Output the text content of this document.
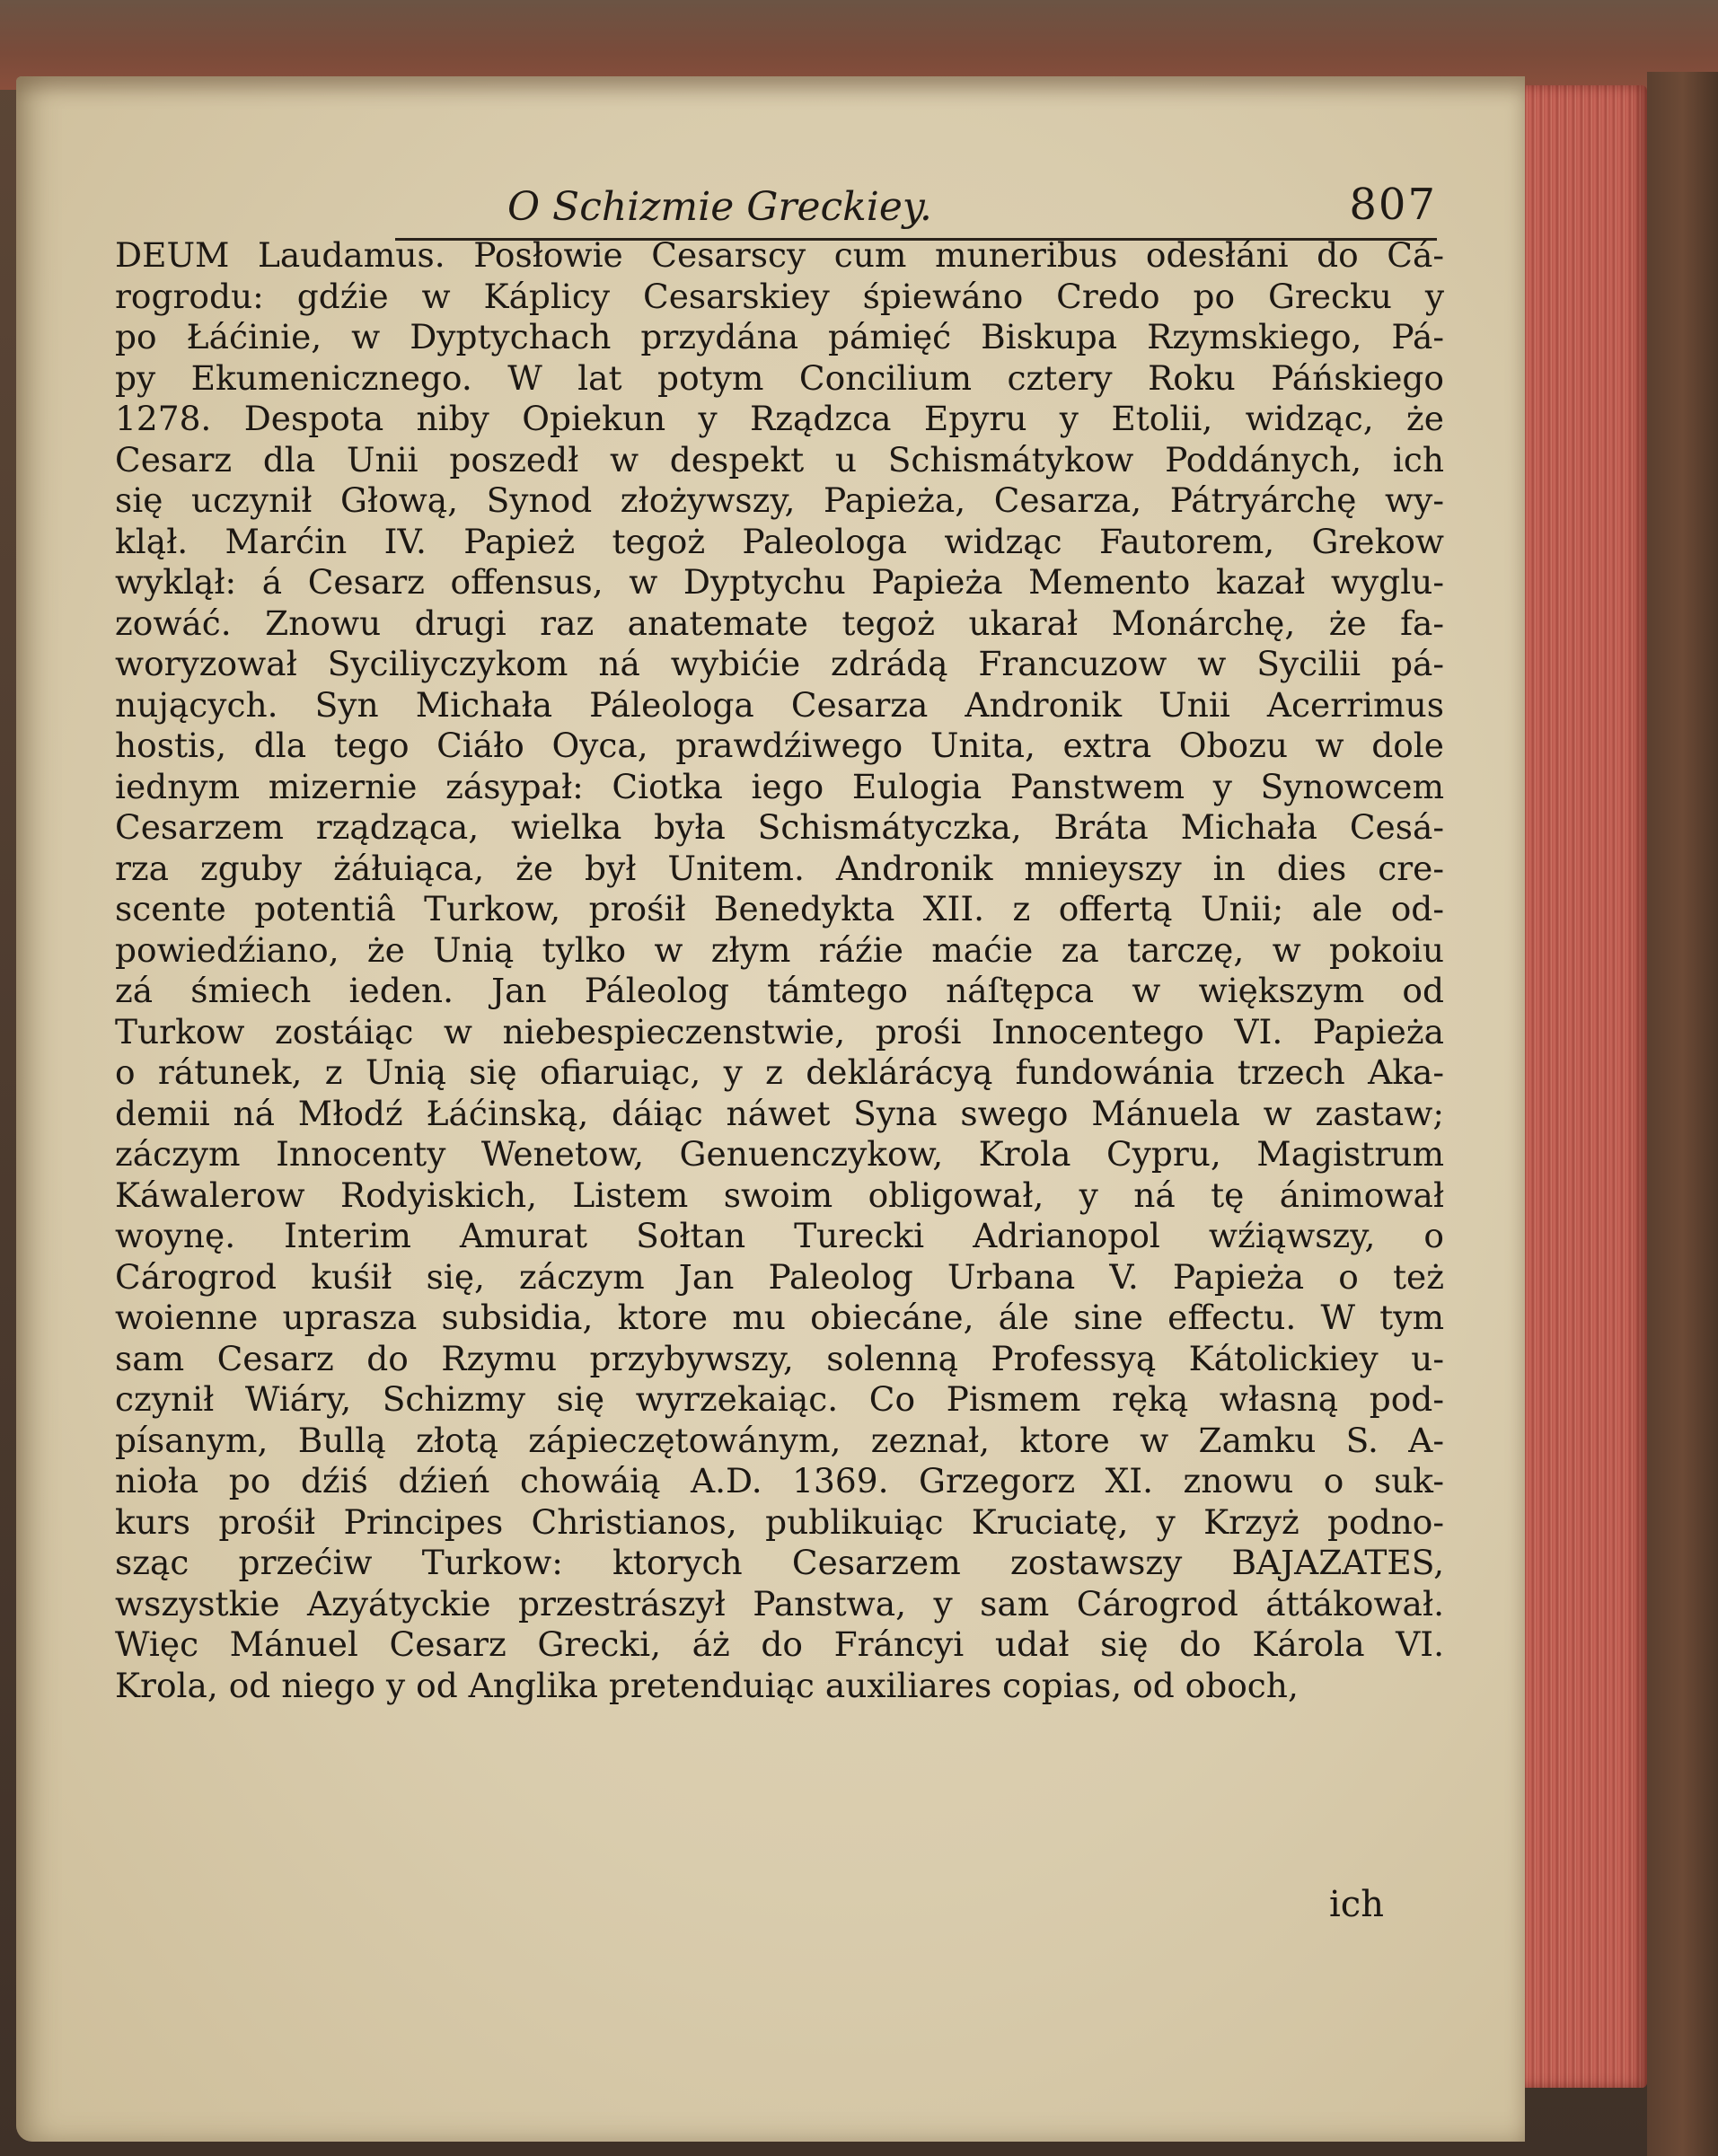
O Schizmie Greckiey.	807
DEUM Laudamus. Posłowie Cesarscy cum muneribus odesłáni do Cá-
rogrodu: gdźie w Káplicy Cesarskiey śpiewáno Credo po Grecku y
po Łáćinie, w Dyptychach przydána pámięć Biskupa Rzymskiego, Pá-
py Ekumenicznego. W lat potym Concilium cztery Roku Páńskiego
1278. Despota niby Opiekun y Rządzca Epyru y Etolii, widząc, że
Cesarz dla Unii poszedł w despekt u Schismátykow Poddánych, ich
się uczynił Głową, Synod złożywszy, Papieża, Cesarza, Pátryárchę wy-
klął. Marćin IV. Papież tegoż Paleologa widząc Fautorem, Grekow
wyklął: á Cesarz offensus, w Dyptychu Papieża Memento kazał wyglu-
zowáć. Znowu drugi raz anatemate tegoż ukarał Monárchę, że fa-
woryzował Syciliyczykom ná wybićie zdrádą Francuzow w Sycilii pá-
nujących. Syn Michała Páleologa Cesarza Andronik Unii Acerrimus
hostis, dla tego Ciáło Oyca, prawdźiwego Unita, extra Obozu w dole
iednym mizernie zásypał: Ciotka iego Eulogia Panstwem y Synowcem
Cesarzem rządząca, wielka była Schismátyczka, Bráta Michała Cesá-
rza zguby żáłuiąca, że był Unitem. Andronik mnieyszy in dies cre-
scente potentiâ Turkow, prośił Benedykta XII. z offertą Unii; ale od-
powiedźiano, że Unią tylko w złym ráźie maćie za tarczę, w pokoiu
zá śmiech ieden. Jan Páleolog támtego náſtępca w większym od
Turkow zostáiąc w niebespieczenstwie, prośi Innocentego VI. Papieża
o rátunek, z Unią się ofiaruiąc, y z deklárácyą fundowánia trzech Aka-
demii ná Młodź Łáćinską, dáiąc náwet Syna swego Mánuela w zastaw;
záczym Innocenty Wenetow, Genuenczykow, Krola Cypru, Magistrum
Káwalerow Rodyiskich, Listem swoim obligował, y ná tę ánimował
woynę. Interim Amurat Sołtan Turecki Adrianopol wźiąwszy, o
Cárogrod kuśił się, záczym Jan Paleolog Urbana V. Papieża o też
woienne uprasza subsidia, ktore mu obiecáne, ále sine effectu. W tym
sam Cesarz do Rzymu przybywszy, solenną Professyą Kátolickiey u-
czynił Wiáry, Schizmy się wyrzekaiąc. Co Pismem ręką własną pod-
písanym, Bullą złotą zápieczętowánym, zeznał, ktore w Zamku S. A-
nioła po dźiś dźień chowáią A.D. 1369. Grzegorz XI. znowu o suk-
kurs prośił Principes Christianos, publikuiąc Kruciatę, y Krzyż podno-
sząc przećiw Turkow: ktorych Cesarzem zostawszy BAJAZATES,
wszystkie Azyátyckie przestrászył Panstwa, y sam Cárogrod áttákował.
Więc Mánuel Cesarz Grecki, áż do Fráncyi udał się do Károla VI.
Krola, od niego y od Anglika pretenduiąc auxiliares copias, od oboch,
ich
